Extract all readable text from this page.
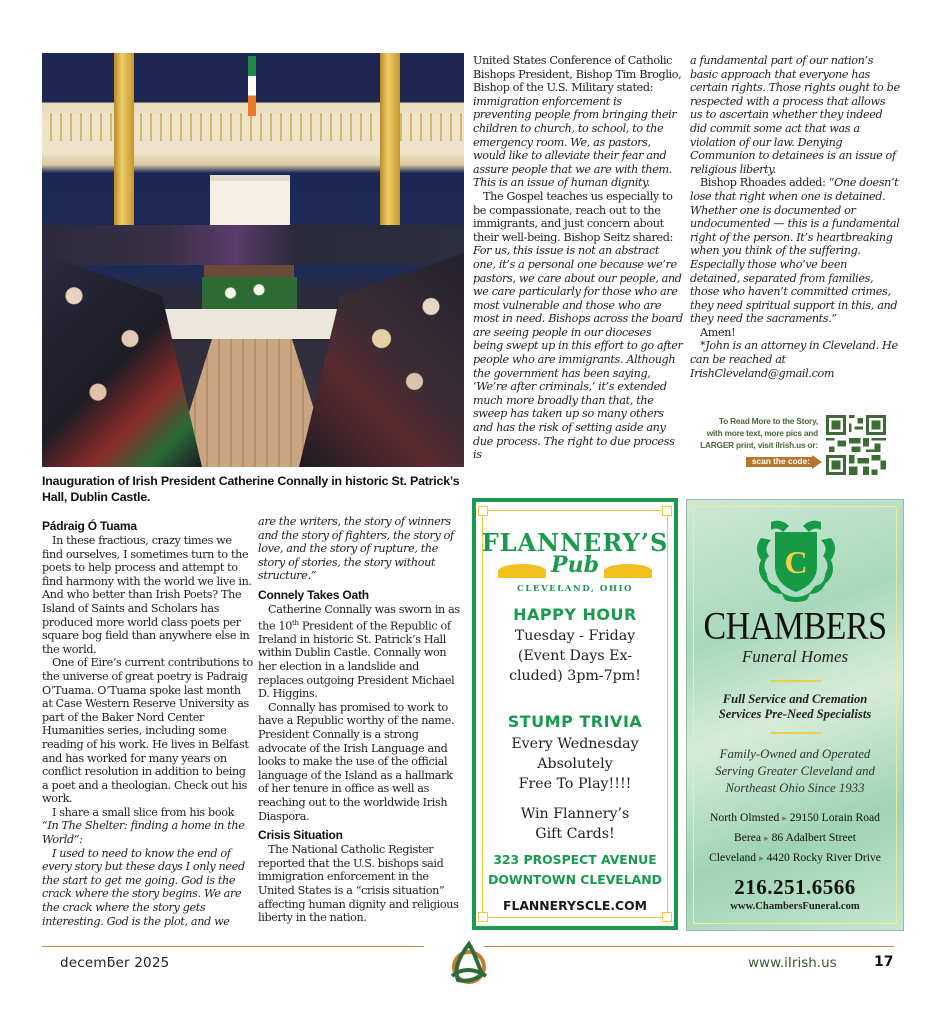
Inauguration of Irish President Catherine Connally in historic St. Patrick’s Hall, Dublin Castle.
Pádraig Ó Tuama

In these fractious, crazy times we find ourselves, I sometimes turn to the poets to help process and attempt to find harmony with the world we live in. And who better than Irish Poets? The Island of Saints and Scholars has produced more world class poets per square bog field than anywhere else in the world.

One of Eire’s current contributions to the universe of great poetry is Padraig O’Tuama. O’Tuama spoke last month at Case Western Reserve University as part of the Baker Nord Center Humanities series, including some reading of his work. He lives in Belfast and has worked for many years on conflict resolution in addition to being a poet and a theologian. Check out his work.

I share a small slice from his book

“In The Shelter: finding a home in the World”:

I used to need to know the end of every story but these days I only need the start to get me going. God is the crack where the story begins. We are the crack where the story gets interesting. God is the plot, and we

are the writers, the story of winners and the story of fighters, the story of love, and the story of rupture, the story of stories, the story without structure.”

Connely Takes Oath

Catherine Connally was sworn in as the 10th President of the Republic of Ireland in historic St. Patrick’s Hall within Dublin Castle. Connally won her election in a landslide and replaces outgoing President Michael D. Higgins.

Connally has promised to work to have a Republic worthy of the name. President Connally is a strong advocate of the Irish Language and looks to make the use of the official language of the Island as a hallmark of her tenure in office as well as reaching out to the worldwide Irish Diaspora.

Crisis Situation

The National Catholic Register reported that the U.S. bishops said immigration enforcement in the United States is a “crisis situation” affecting human dignity and religious liberty in the nation.

United States Conference of Catholic Bishops President, Bishop Tim Broglio, Bishop of the U.S. Military stated: immigration enforcement is preventing people from bringing their children to church, to school, to the emergency room. We, as pastors, would like to alleviate their fear and assure people that we are with them. This is an issue of human dignity.

The Gospel teaches us especially to be compassionate, reach out to the immigrants, and just concern about their well-being. Bishop Seitz shared: For us, this issue is not an abstract one, it’s a personal one because we’re pastors, we care about our people, and we care particularly for those who are most vulnerable and those who are most in need. Bishops across the board are seeing people in our dioceses being swept up in this effort to go after people who are immigrants. Although the government has been saying, ‘We’re after criminals,’ it’s extended much more broadly than that, the sweep has taken up so many others and has the risk of setting aside any due process. The right to due process is

a fundamental part of our nation’s basic approach that everyone has certain rights. Those rights ought to be respected with a process that allows us to ascertain whether they indeed did commit some act that was a violation of our law. Denying Communion to detainees is an issue of religious liberty.

Bishop Rhoades added: “One doesn’t lose that right when one is detained. Whether one is documented or undocumented — this is a fundamental right of the person. It’s heartbreaking when you think of the suffering. Especially those who’ve been detained, separated from families, those who haven’t committed crimes, they need spiritual support in this, and they need the sacraments.”

Amen!

*John is an attorney in Cleveland. He can be reached at IrishCleveland@gmail.com

To Read More to the Story,
with more text, more pics and
LARGER print, visit iIrish.us or:
scan the code:
FLANNERY’S
Pub
CLEVELAND, OHIO
HAPPY HOUR
Tuesday - Friday
(Event Days Ex-
cluded) 3pm-7pm!
STUMP TRIVIA
Every Wednesday
Absolutely
Free To Play!!!!
Win Flannery’s
Gift Cards!
323 PROSPECT AVENUE
DOWNTOWN CLEVELAND
FLANNERYSCLE.COM
C
CHAMBERS
Funeral Homes
Full Service and Cremation
Services Pre-Need Specialists
Family-Owned and Operated
Serving Greater Cleveland and
Northeast Ohio Since 1933
North Olmsted ▸ 29150 Lorain Road
Berea ▸ 86 Adalbert Street
Cleveland ▸ 4420 Rocky River Drive
216.251.6566
www.ChambersFuneral.com
decemƃer 2025	www.iIrish.us	17
